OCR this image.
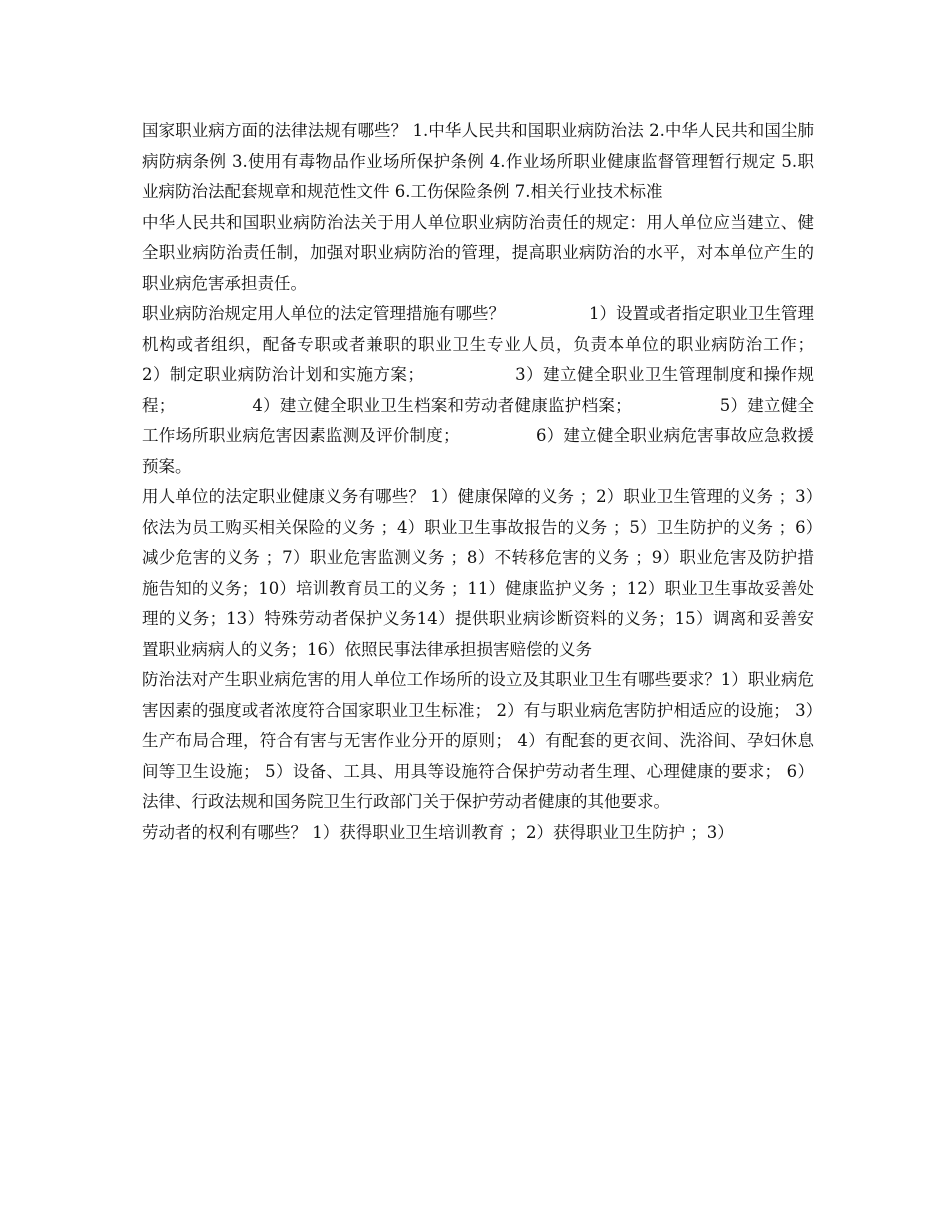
国家职业病方面的法律法规有哪些？ 1.中华人民共和国职业病防治法 2.中华人民共和国尘肺病防病条例 3.使用有毒物品作业场所保护条例 4.作业场所职业健康监督管理暂行规定 5.职业病防治法配套规章和规范性文件 6.工伤保险条例 7.相关行业技术标准

中华人民共和国职业病防治法关于用人单位职业病防治责任的规定：用人单位应当建立、健全职业病防治责任制，加强对职业病防治的管理，提高职业病防治的水平，对本单位产生的职业病危害承担责任。

职业病防治规定用人单位的法定管理措施有哪些？                1）设置或者指定职业卫生管理机构或者组织，配备专职或者兼职的职业卫生专业人员，负责本单位的职业病防治工作；            2）制定职业病防治计划和实施方案；                3）建立健全职业卫生管理制度和操作规程；              4）建立健全职业卫生档案和劳动者健康监护档案；                5）建立健全工作场所职业病危害因素监测及评价制度；              6）建立健全职业病危害事故应急救援预案。

用人单位的法定职业健康义务有哪些？ 1）健康保障的义务 ；2）职业卫生管理的义务 ；3）依法为员工购买相关保险的义务 ；4）职业卫生事故报告的义务 ；5）卫生防护的义务 ；6）减少危害的义务 ；7）职业危害监测义务 ；8）不转移危害的义务 ；9）职业危害及防护措施告知的义务；10）培训教育员工的义务 ；11）健康监护义务 ；12）职业卫生事故妥善处理的义务；13）特殊劳动者保护义务14）提供职业病诊断资料的义务；15）调离和妥善安置职业病病人的义务；16）依照民事法律承担损害赔偿的义务

防治法对产生职业病危害的用人单位工作场所的设立及其职业卫生有哪些要求？1）职业病危害因素的强度或者浓度符合国家职业卫生标准； 2）有与职业病危害防护相适应的设施； 3）生产布局合理，符合有害与无害作业分开的原则； 4）有配套的更衣间、洗浴间、孕妇休息间等卫生设施； 5）设备、工具、用具等设施符合保护劳动者生理、心理健康的要求； 6）法律、行政法规和国务院卫生行政部门关于保护劳动者健康的其他要求。

劳动者的权利有哪些？ 1）获得职业卫生培训教育 ；2）获得职业卫生防护 ；3）
